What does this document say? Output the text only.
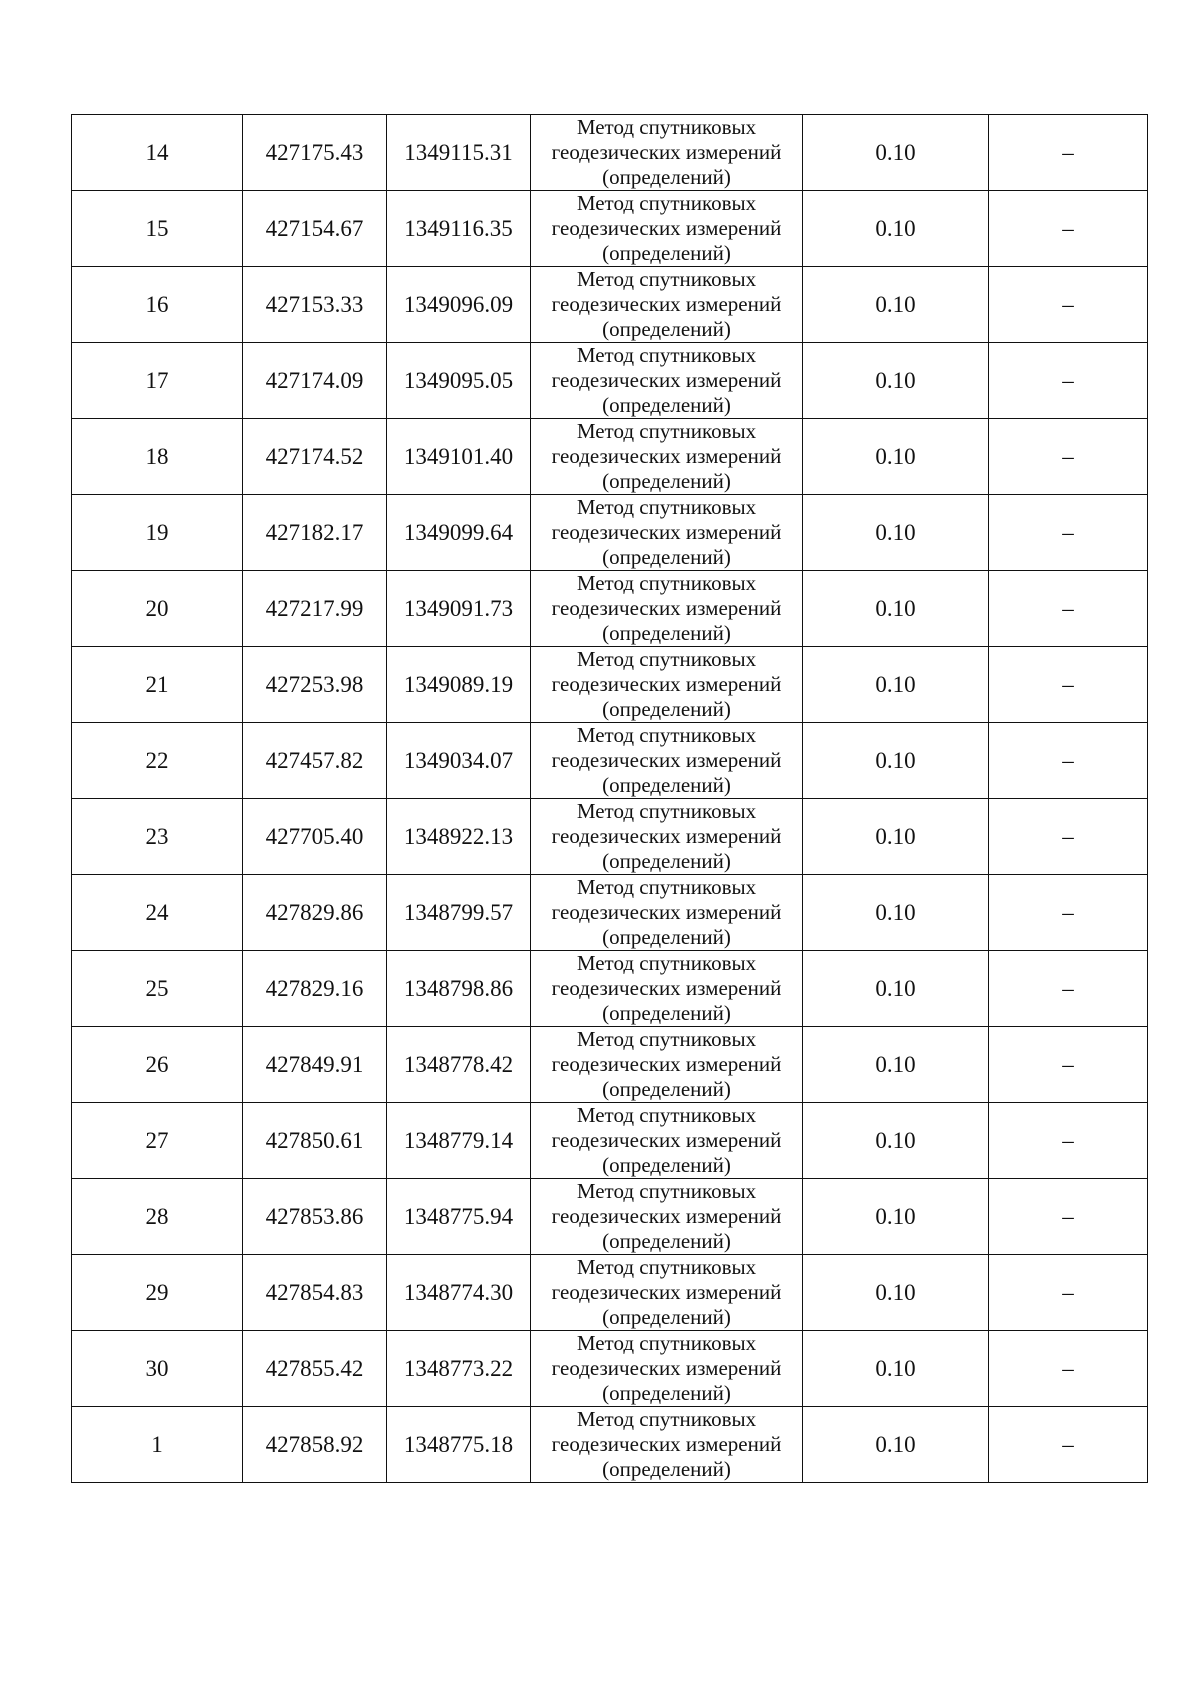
14	427175.43	1349115.31	Метод спутниковых
геодезических измерений
(определений)	0.10	–
15	427154.67	1349116.35	Метод спутниковых
геодезических измерений
(определений)	0.10	–
16	427153.33	1349096.09	Метод спутниковых
геодезических измерений
(определений)	0.10	–
17	427174.09	1349095.05	Метод спутниковых
геодезических измерений
(определений)	0.10	–
18	427174.52	1349101.40	Метод спутниковых
геодезических измерений
(определений)	0.10	–
19	427182.17	1349099.64	Метод спутниковых
геодезических измерений
(определений)	0.10	–
20	427217.99	1349091.73	Метод спутниковых
геодезических измерений
(определений)	0.10	–
21	427253.98	1349089.19	Метод спутниковых
геодезических измерений
(определений)	0.10	–
22	427457.82	1349034.07	Метод спутниковых
геодезических измерений
(определений)	0.10	–
23	427705.40	1348922.13	Метод спутниковых
геодезических измерений
(определений)	0.10	–
24	427829.86	1348799.57	Метод спутниковых
геодезических измерений
(определений)	0.10	–
25	427829.16	1348798.86	Метод спутниковых
геодезических измерений
(определений)	0.10	–
26	427849.91	1348778.42	Метод спутниковых
геодезических измерений
(определений)	0.10	–
27	427850.61	1348779.14	Метод спутниковых
геодезических измерений
(определений)	0.10	–
28	427853.86	1348775.94	Метод спутниковых
геодезических измерений
(определений)	0.10	–
29	427854.83	1348774.30	Метод спутниковых
геодезических измерений
(определений)	0.10	–
30	427855.42	1348773.22	Метод спутниковых
геодезических измерений
(определений)	0.10	–
1	427858.92	1348775.18	Метод спутниковых
геодезических измерений
(определений)	0.10	–
